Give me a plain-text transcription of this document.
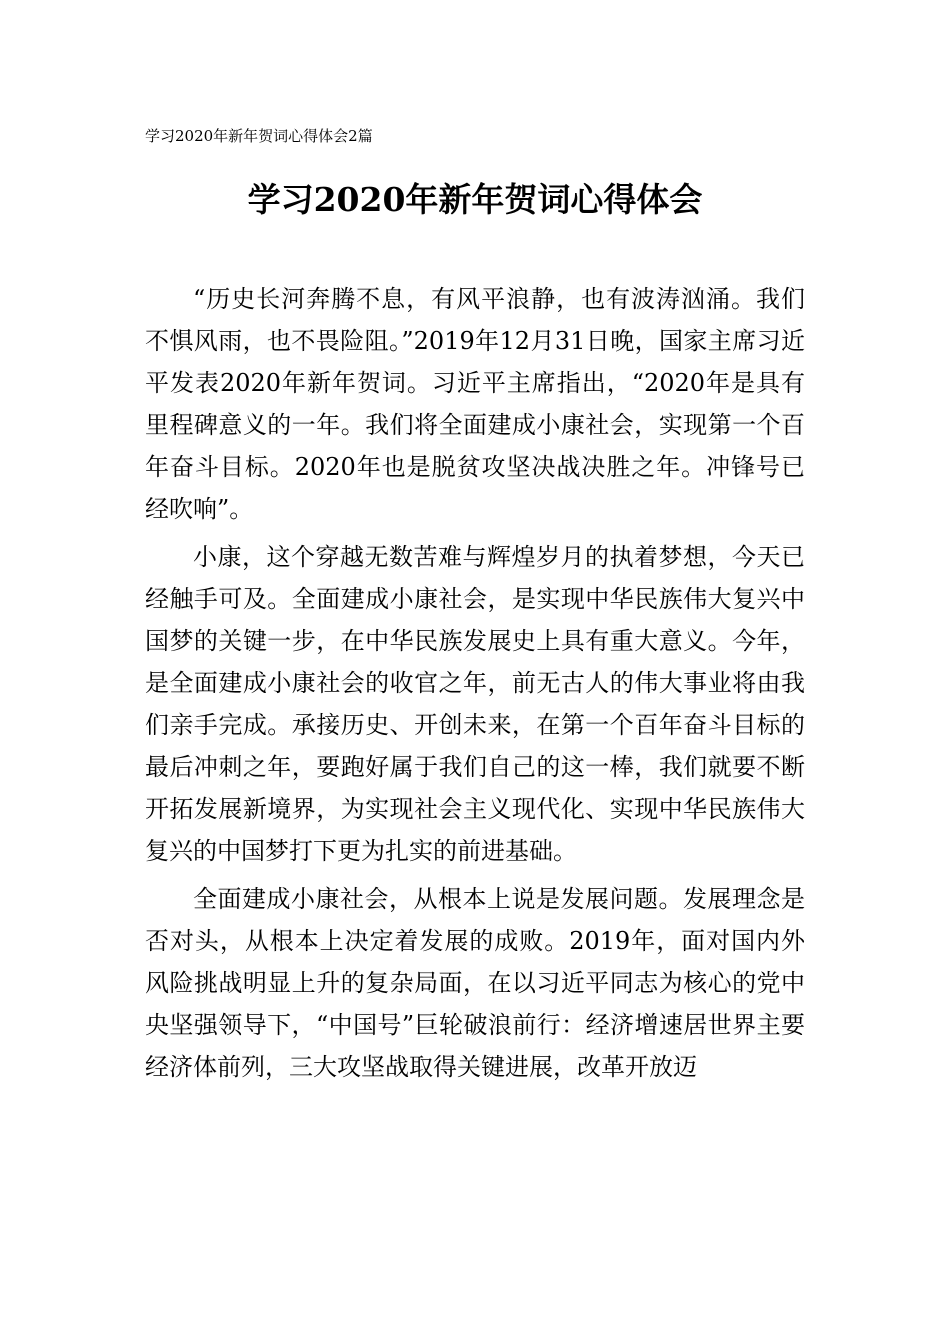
学习2020年新年贺词心得体会2篇
学习2020年新年贺词心得体会

“历史长河奔腾不息，有风平浪静，也有波涛汹涌。我们不惧风雨，也不畏险阻。”2019年12月31日晚，国家主席习近平发表2020年新年贺词。习近平主席指出，“2020年是具有里程碑意义的一年。我们将全面建成小康社会，实现第一个百年奋斗目标。2020年也是脱贫攻坚决战决胜之年。冲锋号已经吹响”。

小康，这个穿越无数苦难与辉煌岁月的执着梦想，今天已经触手可及。全面建成小康社会，是实现中华民族伟大复兴中国梦的关键一步，在中华民族发展史上具有重大意义。今年，是全面建成小康社会的收官之年，前无古人的伟大事业将由我们亲手完成。承接历史、开创未来，在第一个百年奋斗目标的最后冲刺之年，要跑好属于我们自己的这一棒，我们就要不断开拓发展新境界，为实现社会主义现代化、实现中华民族伟大复兴的中国梦打下更为扎实的前进基础。

全面建成小康社会，从根本上说是发展问题。发展理念是否对头，从根本上决定着发展的成败。2019年，面对国内外风险挑战明显上升的复杂局面，在以习近平同志为核心的党中央坚强领导下，“中国号”巨轮破浪前行：经济增速居世界主要经济体前列，三大攻坚战取得关键进展，改革开放迈
